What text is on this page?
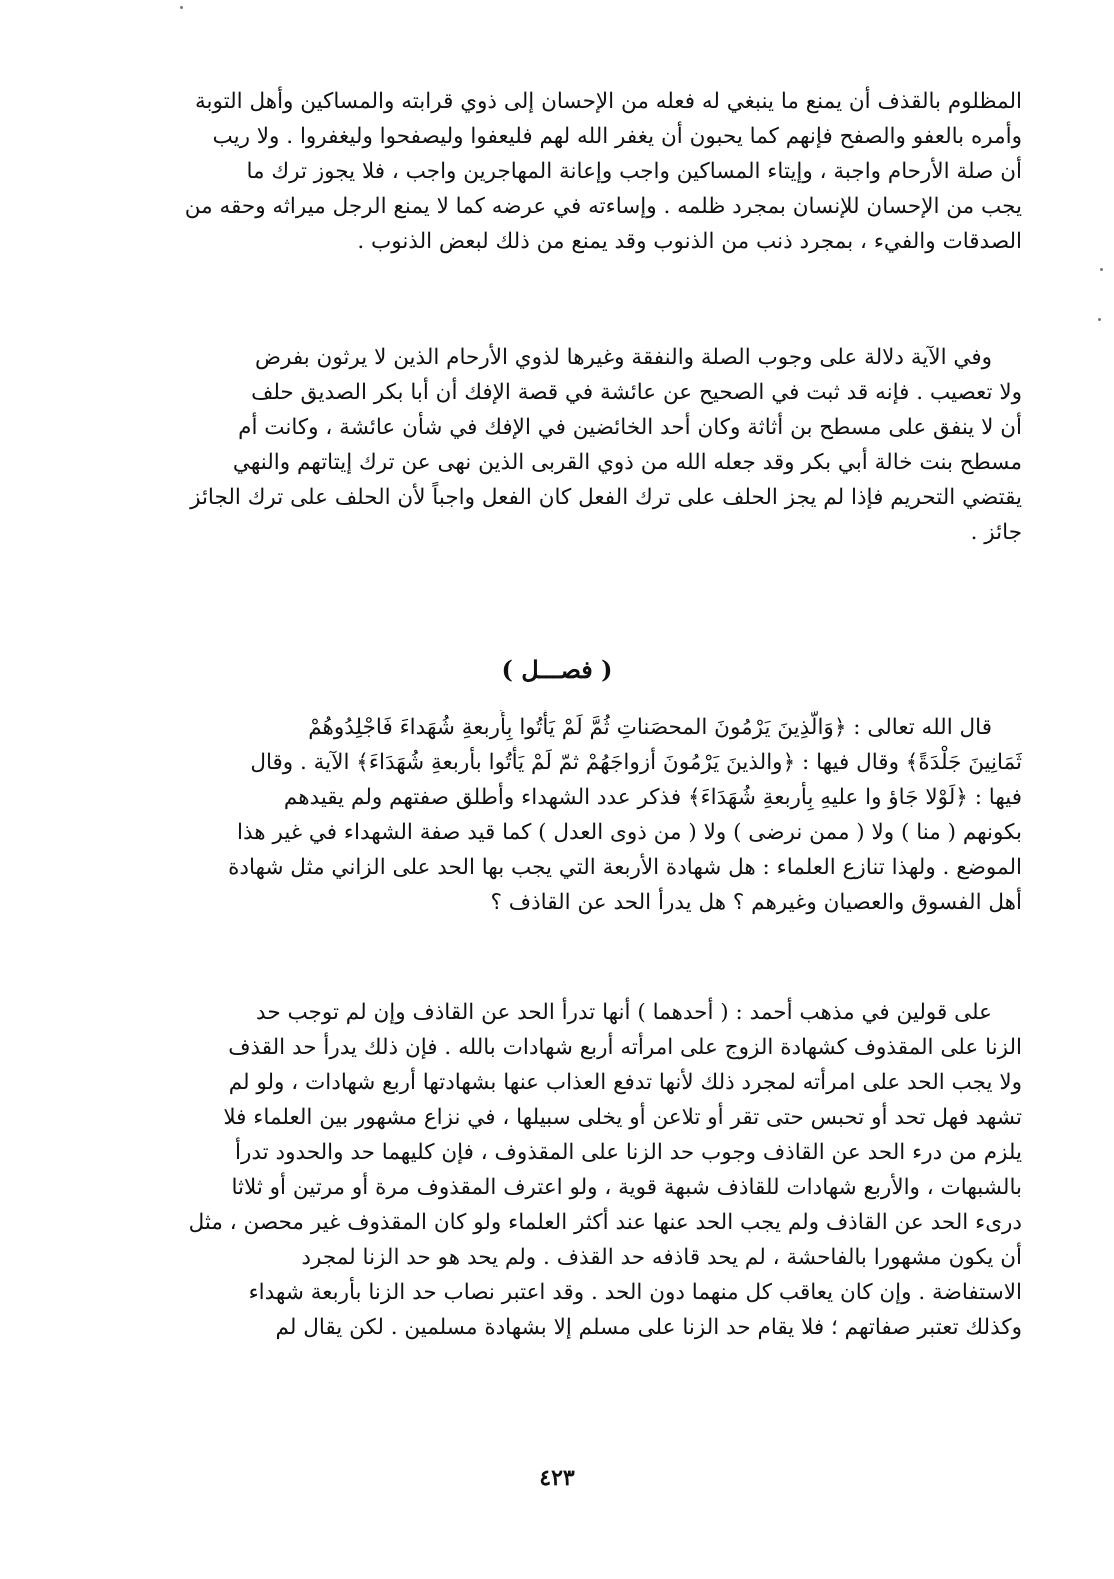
المظلوم بالقذف أن يمنع ما ينبغي له فعله من الإحسان إلى ذوي قرابته والمساكين وأهل التوبة
وأمره بالعفو والصفح فإنهم كما يحبون أن يغفر الله لهم فليعفوا وليصفحوا وليغفروا . ولا ريب
أن صلة الأرحام واجبة ، وإيتاء المساكين واجب وإعانة المهاجرين واجب ، فلا يجوز ترك ما
يجب من الإحسان للإنسان بمجرد ظلمه . وإساءته في عرضه كما لا يمنع الرجل ميراثه وحقه من
الصدقات والفيء ، بمجرد ذنب من الذنوب وقد يمنع من ذلك لبعض الذنوب .
وفي الآية دلالة على وجوب الصلة والنفقة وغيرها لذوي الأرحام الذين لا يرثون بفرض
ولا تعصيب . فإنه قد ثبت في الصحيح عن عائشة في قصة الإفك أن أبا بكر الصديق حلف
أن لا ينفق على مسطح بن أثاثة وكان أحد الخائضين في الإفك في شأن عائشة ، وكانت أم
مسطح بنت خالة أبي بكر وقد جعله الله من ذوي القربى الذين نهى عن ترك إيتاتهم والنهي
يقتضي التحريم فإذا لم يجز الحلف على ترك الفعل كان الفعل واجباً لأن الحلف على ترك الجائز
جائز .
( فصـــل )
قال الله تعالى : ﴿وَالَّذِينَ يَرْمُونَ المحصَناتِ ثُمَّ لَمْ يَأْتُوا بِأَربعةِ شُهَداءَ فَاجْلِدُوهُمْ
ثَمَانِينَ جَلْدَةً﴾ وقال فيها : ﴿والذينَ يَرْمُونَ أزواجَهُمْ ثمّ لَمْ يَأْتُوا بأربعةِ شُهَدَاءَ﴾ الآية . وقال
فيها : ﴿لَوْلا جَاؤ وا عليهِ بِأربعةِ شُهَدَاءَ﴾ فذكر عدد الشهداء وأطلق صفتهم ولم يقيدهم
بكونهم ( منا ) ولا ( ممن نرضى ) ولا ( من ذوى العدل ) كما قيد صفة الشهداء في غير هذا
الموضع . ولهذا تنازع العلماء : هل شهادة الأربعة التي يجب بها الحد على الزاني مثل شهادة
أهل الفسوق والعصيان وغيرهم ؟ هل يدرأ الحد عن القاذف ؟
على قولين في مذهب أحمد : ( أحدهما ) أنها تدرأ الحد عن القاذف وإن لم توجب حد
الزنا على المقذوف كشهادة الزوج على امرأته أربع شهادات بالله . فإن ذلك يدرأ حد القذف
ولا يجب الحد على امرأته لمجرد ذلك لأنها تدفع العذاب عنها بشهادتها أربع شهادات ، ولو لم
تشهد فهل تحد أو تحبس حتى تقر أو تلاعن أو يخلى سبيلها ، في نزاع مشهور بين العلماء فلا
يلزم من درء الحد عن القاذف وجوب حد الزنا على المقذوف ، فإن كليهما حد والحدود تدرأ
بالشبهات ، والأربع شهادات للقاذف شبهة قوية ، ولو اعترف المقذوف مرة أو مرتين أو ثلاثا
درىء الحد عن القاذف ولم يجب الحد عنها عند أكثر العلماء ولو كان المقذوف غير محصن ، مثل
أن يكون مشهورا بالفاحشة ، لم يحد قاذفه حد القذف . ولم يحد هو حد الزنا لمجرد
الاستفاضة . وإن كان يعاقب كل منهما دون الحد . وقد اعتبر نصاب حد الزنا بأربعة شهداء
وكذلك تعتبر صفاتهم ؛ فلا يقام حد الزنا على مسلم إلا بشهادة مسلمين . لكن يقال لم
٤٢٣
